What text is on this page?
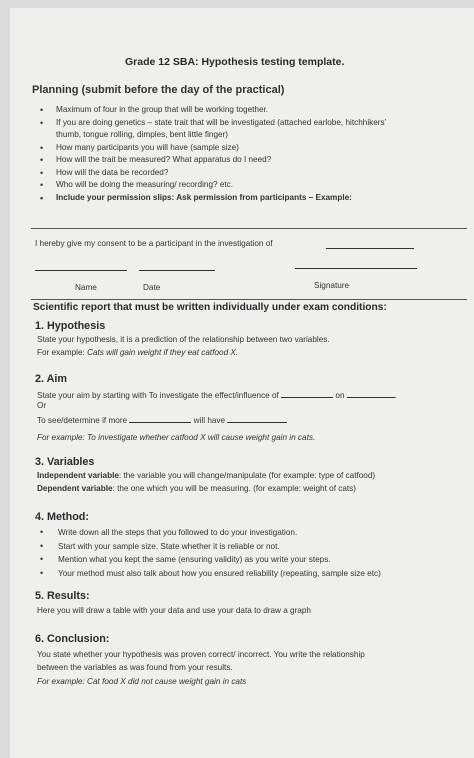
Grade 12 SBA: Hypothesis testing template.
Planning (submit before the day of the practical)
• Maximum of four in the group that will be working together.
• If you are doing genetics – state trait that will be investigated (attached earlobe, hitchhikers’
thumb, tongue rolling, dimples, bent little finger)
• How many participants you will have (sample size)
• How will the trait be measured? What apparatus do I need?
• How will the data be recorded?
• Who will be doing the measuring/ recording? etc.
• Include your permission slips: Ask permission from participants – Example:
I hereby give my consent to be a participant in the investigation of
Name	Date	Signature
Scientific report that must be written individually under exam conditions:
1. Hypothesis
State your hypothesis, it is a prediction of the relationship between two variables.
For example: Cats will gain weight if they eat catfood X.
2. Aim
State your aim by starting with To investigate the effect/influence of	on	.
Or
To see/determine if more	will have
For example: To investigate whether catfood X will cause weight gain in cats.
3. Variables
Independent variable: the variable you will change/manipulate (for example: type of catfood)
Dependent variable: the one which you will be measuring. (for example: weight of cats)
4. Method:
• Write down all the steps that you followed to do your investigation.
• Start with your sample size. State whether it is reliable or not.
• Mention what you kept the same (ensuring validity) as you write your steps.
• Your method must also talk about how you ensured reliability (repeating, sample size etc)
5. Results:
Here you will draw a table with your data and use your data to draw a graph
6. Conclusion:
You state whether your hypothesis was proven correct/ incorrect. You write the relationship
between the variables as was found from your results.
For example: Cat food X did not cause weight gain in cats
